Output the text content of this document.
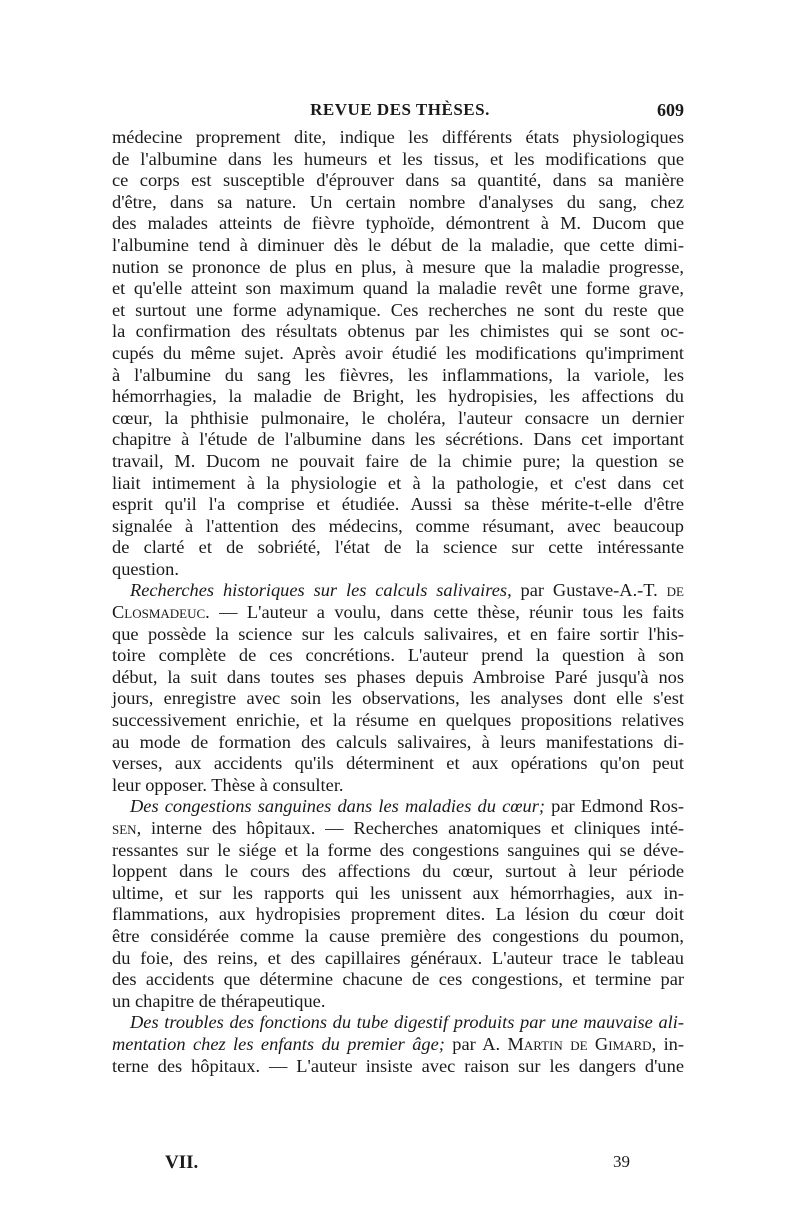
REVUE DES THÈSES.	609
médecine proprement dite, indique les différents états physiologiques
de l'albumine dans les humeurs et les tissus, et les modifications que
ce corps est susceptible d'éprouver dans sa quantité, dans sa manière
d'être, dans sa nature. Un certain nombre d'analyses du sang, chez
des malades atteints de fièvre typhoïde, démontrent à M. Ducom que
l'albumine tend à diminuer dès le début de la maladie, que cette dimi-
nution se prononce de plus en plus, à mesure que la maladie progresse,
et qu'elle atteint son maximum quand la maladie revêt une forme grave,
et surtout une forme adynamique. Ces recherches ne sont du reste que
la confirmation des résultats obtenus par les chimistes qui se sont oc-
cupés du même sujet. Après avoir étudié les modifications qu'impriment
à l'albumine du sang les fièvres, les inflammations, la variole, les
hémorrhagies, la maladie de Bright, les hydropisies, les affections du
cœur, la phthisie pulmonaire, le choléra, l'auteur consacre un dernier
chapitre à l'étude de l'albumine dans les sécrétions. Dans cet important
travail, M. Ducom ne pouvait faire de la chimie pure; la question se
liait intimement à la physiologie et à la pathologie, et c'est dans cet
esprit qu'il l'a comprise et étudiée. Aussi sa thèse mérite-t-elle d'être
signalée à l'attention des médecins, comme résumant, avec beaucoup
de clarté et de sobriété, l'état de la science sur cette intéressante
question.
Recherches historiques sur les calculs salivaires, par Gustave-A.-T. de
Closmadeuc. — L'auteur a voulu, dans cette thèse, réunir tous les faits
que possède la science sur les calculs salivaires, et en faire sortir l'his-
toire complète de ces concrétions. L'auteur prend la question à son
début, la suit dans toutes ses phases depuis Ambroise Paré jusqu'à nos
jours, enregistre avec soin les observations, les analyses dont elle s'est
successivement enrichie, et la résume en quelques propositions relatives
au mode de formation des calculs salivaires, à leurs manifestations di-
verses, aux accidents qu'ils déterminent et aux opérations qu'on peut
leur opposer. Thèse à consulter.
Des congestions sanguines dans les maladies du cœur; par Edmond Ros-
sen, interne des hôpitaux. — Recherches anatomiques et cliniques inté-
ressantes sur le siége et la forme des congestions sanguines qui se déve-
loppent dans le cours des affections du cœur, surtout à leur période
ultime, et sur les rapports qui les unissent aux hémorrhagies, aux in-
flammations, aux hydropisies proprement dites. La lésion du cœur doit
être considérée comme la cause première des congestions du poumon,
du foie, des reins, et des capillaires généraux. L'auteur trace le tableau
des accidents que détermine chacune de ces congestions, et termine par
un chapitre de thérapeutique.
Des troubles des fonctions du tube digestif produits par une mauvaise ali-
mentation chez les enfants du premier âge; par A. Martin de Gimard, in-
terne des hôpitaux. — L'auteur insiste avec raison sur les dangers d'une
VII.	39
